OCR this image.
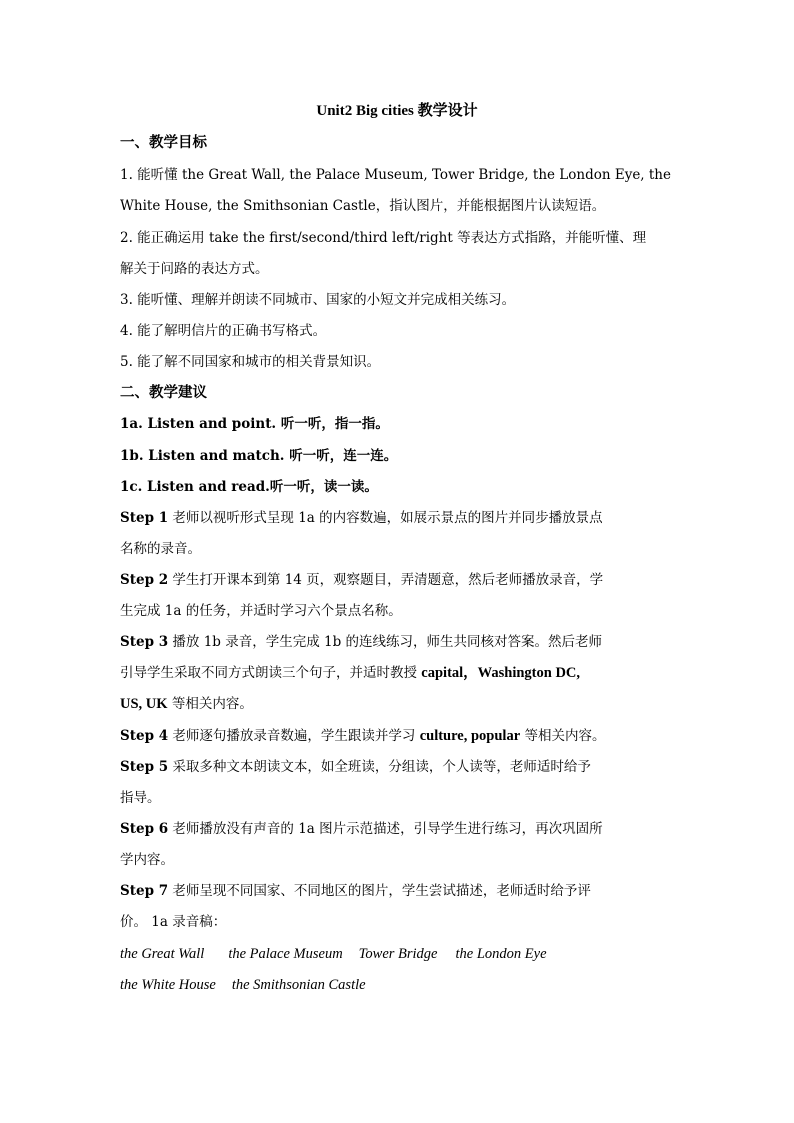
Unit2 Big cities 教学设计
一、教学目标
1. 能听懂 the Great Wall, the Palace Museum, Tower Bridge, the London Eye, the
White House, the Smithsonian Castle，指认图片，并能根据图片认读短语。
2. 能正确运用 take the first/second/third left/right 等表达方式指路，并能听懂、理
解关于问路的表达方式。
3. 能听懂、理解并朗读不同城市、国家的小短文并完成相关练习。
4. 能了解明信片的正确书写格式。
5. 能了解不同国家和城市的相关背景知识。
二、教学建议
1a. Listen and point. 听一听，指一指。
1b. Listen and match. 听一听，连一连。
1c. Listen and read.听一听，读一读。
Step 1 老师以视听形式呈现 1a 的内容数遍，如展示景点的图片并同步播放景点
名称的录音。
Step 2 学生打开课本到第 14 页，观察题目，弄清题意，然后老师播放录音，学
生完成 1a 的任务，并适时学习六个景点名称。
Step 3 播放 1b 录音，学生完成 1b 的连线练习，师生共同核对答案。然后老师
引导学生采取不同方式朗读三个句子，并适时教授 capital，Washington DC,
US, UK 等相关内容。
Step 4 老师逐句播放录音数遍，学生跟读并学习 culture, popular 等相关内容。
Step 5 采取多种文本朗读文本，如全班读，分组读，个人读等，老师适时给予
指导。
Step 6 老师播放没有声音的 1a 图片示范描述，引导学生进行练习，再次巩固所
学内容。
Step 7 老师呈现不同国家、不同地区的图片，学生尝试描述，老师适时给予评
价。 1a 录音稿：
the Great Wall the Palace Museum Tower Bridge the London Eye
the White House the Smithsonian Castle
